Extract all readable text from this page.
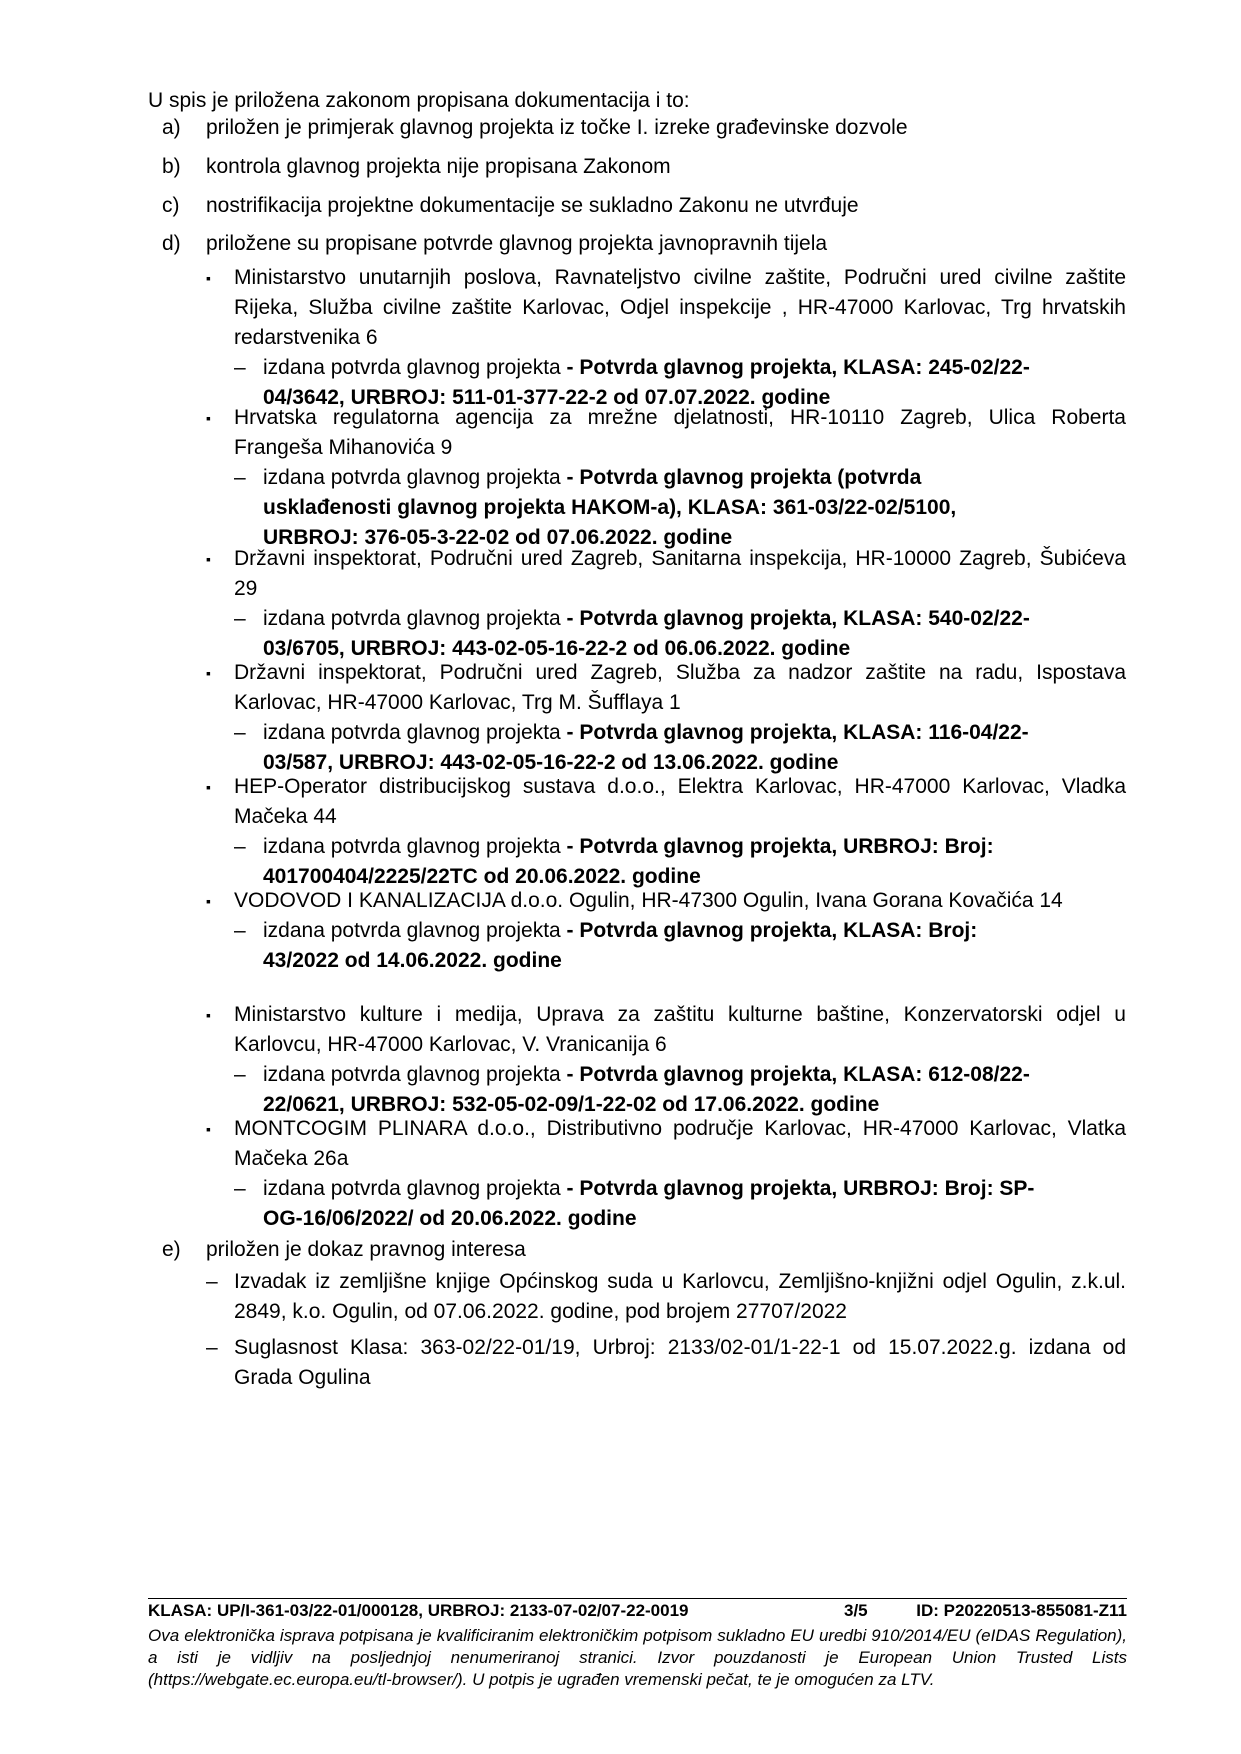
U spis je priložena zakonom propisana dokumentacija i to:
a)	priložen je primjerak glavnog projekta iz točke I. izreke građevinske dozvole
b)	kontrola glavnog projekta nije propisana Zakonom
c)	nostrifikacija projektne dokumentacije se sukladno Zakonu ne utvrđuje
d)	priložene su propisane potvrde glavnog projekta javnopravnih tijela
▪	Ministarstvo unutarnjih poslova, Ravnateljstvo civilne zaštite, Područni ured civilne zaštite Rijeka, Služba civilne zaštite Karlovac, Odjel inspekcije , HR-47000 Karlovac, Trg hrvatskih redarstvenika 6
– izdana potvrda glavnog projekta - Potvrda glavnog projekta, KLASA: 245-02/22-
04/3642, URBROJ: 511-01-377-22-2 od 07.07.2022. godine
▪	Hrvatska regulatorna agencija za mrežne djelatnosti, HR-10110 Zagreb, Ulica Roberta Frangeša Mihanovića 9
– izdana potvrda glavnog projekta - Potvrda glavnog projekta (potvrda
usklađenosti glavnog projekta HAKOM-a), KLASA: 361-03/22-02/5100,
URBROJ: 376-05-3-22-02 od 07.06.2022. godine
▪	Državni inspektorat, Područni ured Zagreb, Sanitarna inspekcija, HR-10000 Zagreb, Šubićeva 29
– izdana potvrda glavnog projekta - Potvrda glavnog projekta, KLASA: 540-02/22-
03/6705, URBROJ: 443-02-05-16-22-2 od 06.06.2022. godine
▪	Državni inspektorat, Područni ured Zagreb, Služba za nadzor zaštite na radu, Ispostava Karlovac, HR-47000 Karlovac, Trg M. Šufflaya 1
– izdana potvrda glavnog projekta - Potvrda glavnog projekta, KLASA: 116-04/22-
03/587, URBROJ: 443-02-05-16-22-2 od 13.06.2022. godine
▪	HEP-Operator distribucijskog sustava d.o.o., Elektra Karlovac, HR-47000 Karlovac, Vladka Mačeka 44
– izdana potvrda glavnog projekta - Potvrda glavnog projekta, URBROJ: Broj:
401700404/2225/22TC od 20.06.2022. godine
▪	VODOVOD I KANALIZACIJA d.o.o. Ogulin, HR-47300 Ogulin, Ivana Gorana Kovačića 14
– izdana potvrda glavnog projekta - Potvrda glavnog projekta, KLASA: Broj:
43/2022 od 14.06.2022. godine
▪	Ministarstvo kulture i medija, Uprava za zaštitu kulturne baštine, Konzervatorski odjel u Karlovcu, HR-47000 Karlovac, V. Vranicanija 6
– izdana potvrda glavnog projekta - Potvrda glavnog projekta, KLASA: 612-08/22-
22/0621, URBROJ: 532-05-02-09/1-22-02 od 17.06.2022. godine
▪	MONTCOGIM PLINARA d.o.o., Distributivno područje Karlovac, HR-47000 Karlovac, Vlatka Mačeka 26a
– izdana potvrda glavnog projekta - Potvrda glavnog projekta, URBROJ: Broj: SP-
OG-16/06/2022/ od 20.06.2022. godine
e)	priložen je dokaz pravnog interesa
– Izvadak iz zemljišne knjige Općinskog suda u Karlovcu, Zemljišno-knjižni odjel Ogulin, z.k.ul. 2849, k.o. Ogulin, od 07.06.2022. godine, pod brojem 27707/2022
– Suglasnost Klasa: 363-02/22-01/19, Urbroj: 2133/02-01/1-22-1 od 15.07.2022.g. izdana od Grada Ogulina
KLASA: UP/I-361-03/22-01/000128, URBROJ: 2133-07-02/07-22-0019	3/5	ID: P20220513-855081-Z11
Ova elektronička isprava potpisana je kvalificiranim elektroničkim potpisom sukladno EU uredbi 910/2014/EU (eIDAS Regulation), a isti je vidljiv na posljednjoj nenumeriranoj stranici. Izvor pouzdanosti je European Union Trusted Lists (https://webgate.ec.europa.eu/tl-browser/). U potpis je ugrađen vremenski pečat, te je omogućen za LTV.
